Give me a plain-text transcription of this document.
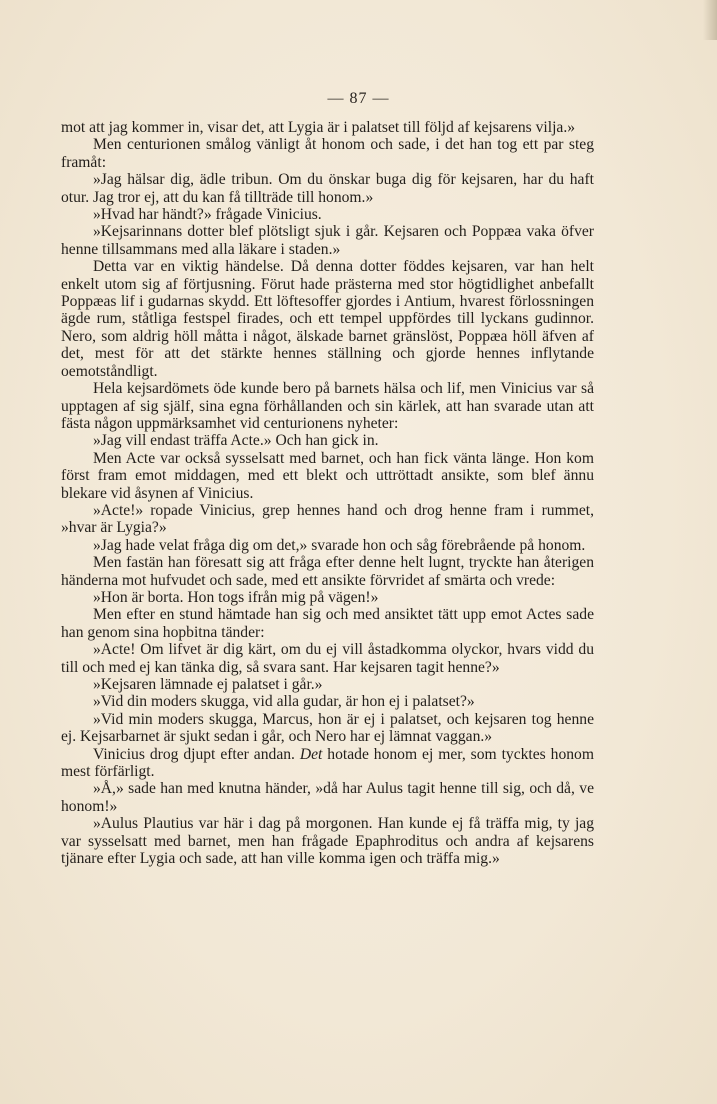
— 87 —

mot att jag kommer in, visar det, att Lygia är i palatset till följd af kejsarens vilja.»

Men centurionen smålog vänligt åt honom och sade, i det han tog ett par steg framåt:

»Jag hälsar dig, ädle tribun. Om du önskar buga dig för kejsaren, har du haft otur. Jag tror ej, att du kan få tillträde till honom.»

»Hvad har händt?» frågade Vinicius.

»Kejsarinnans dotter blef plötsligt sjuk i går. Kejsaren och Poppæa vaka öfver henne tillsammans med alla läkare i staden.»

Detta var en viktig händelse. Då denna dotter föddes kejsaren, var han helt enkelt utom sig af förtjusning. Förut hade prästerna med stor högtidlighet anbefallt Poppæas lif i gudarnas skydd. Ett löftesoffer gjordes i Antium, hvarest förlossningen ägde rum, ståtliga festspel firades, och ett tempel uppfördes till lyckans gudinnor. Nero, som aldrig höll måtta i något, älskade barnet gränslöst, Poppæa höll äfven af det, mest för att det stärkte hennes ställning och gjorde hennes inflytande oemotståndligt.

Hela kejsardömets öde kunde bero på barnets hälsa och lif, men Vinicius var så upptagen af sig själf, sina egna förhållanden och sin kärlek, att han svarade utan att fästa någon uppmärksamhet vid centurionens nyheter:

»Jag vill endast träffa Acte.» Och han gick in.

Men Acte var också sysselsatt med barnet, och han fick vänta länge. Hon kom först fram emot middagen, med ett blekt och uttröttadt ansikte, som blef ännu blekare vid åsynen af Vinicius.

»Acte!» ropade Vinicius, grep hennes hand och drog henne fram i rummet, »hvar är Lygia?»

»Jag hade velat fråga dig om det,» svarade hon och såg förebrående på honom.

Men fastän han föresatt sig att fråga efter denne helt lugnt, tryckte han återigen händerna mot hufvudet och sade, med ett ansikte förvridet af smärta och vrede:

»Hon är borta. Hon togs ifrån mig på vägen!»

Men efter en stund hämtade han sig och med ansiktet tätt upp emot Actes sade han genom sina hopbitna tänder:

»Acte! Om lifvet är dig kärt, om du ej vill åstadkomma olyckor, hvars vidd du till och med ej kan tänka dig, så svara sant. Har kejsaren tagit henne?»

»Kejsaren lämnade ej palatset i går.»

»Vid din moders skugga, vid alla gudar, är hon ej i palatset?»

»Vid min moders skugga, Marcus, hon är ej i palatset, och kejsaren tog henne ej. Kejsarbarnet är sjukt sedan i går, och Nero har ej lämnat vaggan.»

Vinicius drog djupt efter andan. Det hotade honom ej mer, som tycktes honom mest förfärligt.

»Å,» sade han med knutna händer, »då har Aulus tagit henne till sig, och då, ve honom!»

»Aulus Plautius var här i dag på morgonen. Han kunde ej få träffa mig, ty jag var sysselsatt med barnet, men han frågade Epaphroditus och andra af kejsarens tjänare efter Lygia och sade, att han ville komma igen och träffa mig.»
